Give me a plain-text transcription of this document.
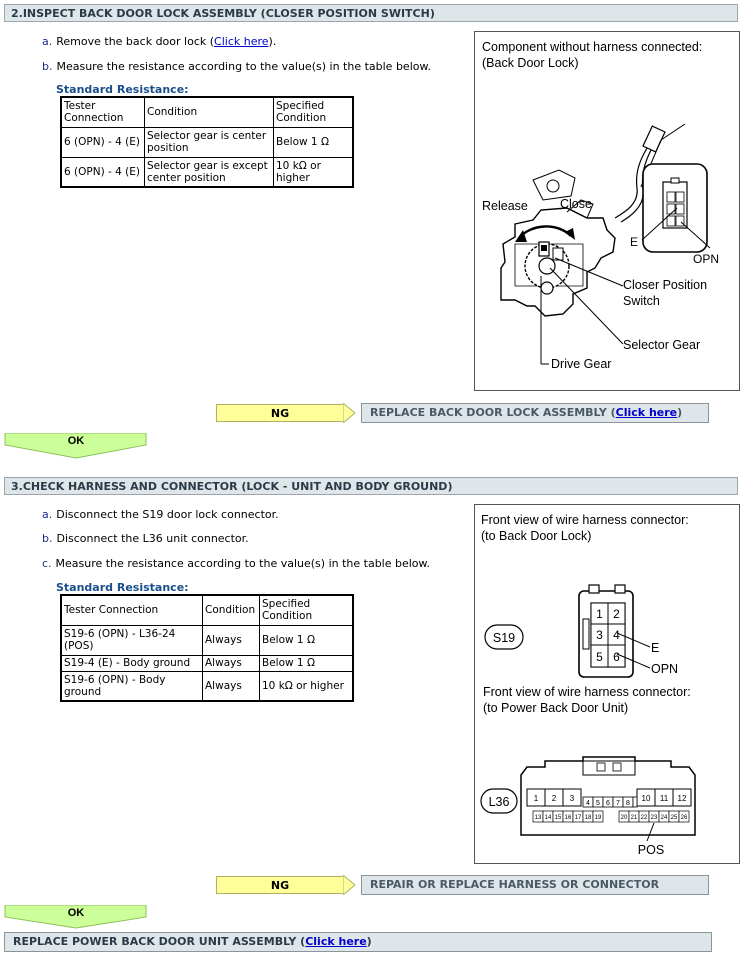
2.INSPECT BACK DOOR LOCK ASSEMBLY (CLOSER POSITION SWITCH)
a. Remove the back door lock (Click here).
b. Measure the resistance according to the value(s) in the table below.
Standard Resistance:
Tester Connection	Condition	Specified Condition
6 (OPN) - 4 (E)	Selector gear is center position	Below 1 Ω
6 (OPN) - 4 (E)	Selector gear is except center position	10 kΩ or higher
Component without harness connected:
(Back Door Lock)
E
OPN
Release	Close
Closer Position
Switch
Selector Gear
Drive Gear
NG	REPLACE BACK DOOR LOCK ASSEMBLY (Click here)
OK
3.CHECK HARNESS AND CONNECTOR (LOCK - UNIT AND BODY GROUND)
a. Disconnect the S19 door lock connector.
b. Disconnect the L36 unit connector.
c. Measure the resistance according to the value(s) in the table below.
Standard Resistance:
Tester Connection	Condition	Specified Condition
S19-6 (OPN) - L36-24 (POS)	Always	Below 1 Ω
S19-4 (E) - Body ground	Always	Below 1 Ω
S19-6 (OPN) - Body ground	Always	10 kΩ or higher
Front view of wire harness connector:
(to Back Door Lock)
1 2
3 4
5 6
E
OPN
S19
Front view of wire harness connector:
(to Power Back Door Unit)
1 2 3	10 11 12
4 5 6 7 8
13 14 15 16 17 18 19	20 21 22 23 24 25 26
POS
L36
NG	REPAIR OR REPLACE HARNESS OR CONNECTOR
OK
REPLACE POWER BACK DOOR UNIT ASSEMBLY (Click here)
